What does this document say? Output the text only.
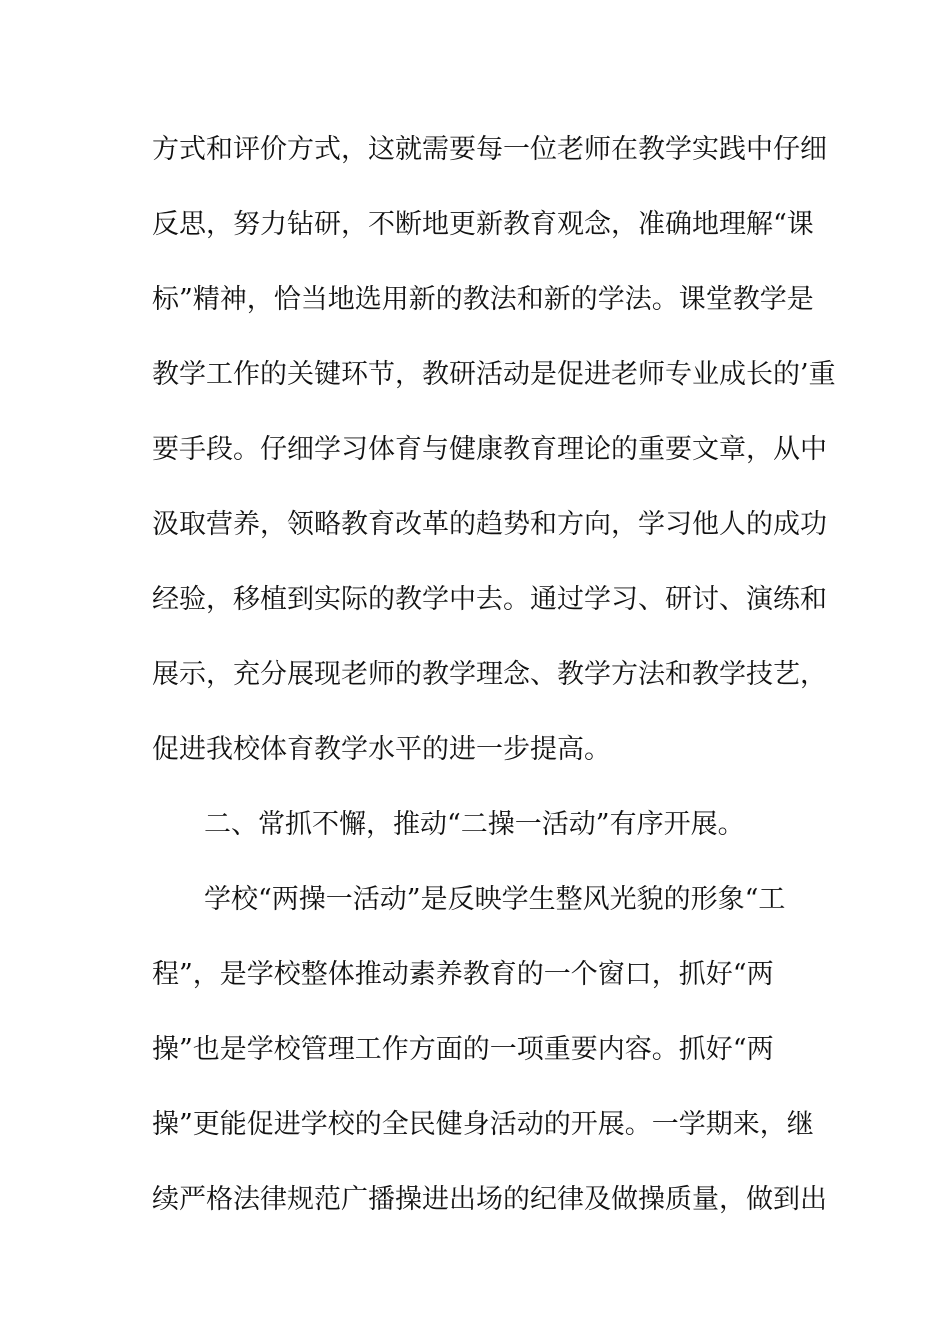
方式和评价方式，这就需要每一位老师在教学实践中仔细
反思，努力钻研，不断地更新教育观念，准确地理解“课
标”精神，恰当地选用新的教法和新的学法。课堂教学是
教学工作的关键环节，教研活动是促进老师专业成长的’重
要手段。仔细学习体育与健康教育理论的重要文章，从中
汲取营养，领略教育改革的趋势和方向，学习他人的成功
经验，移植到实际的教学中去。通过学习、研讨、演练和
展示，充分展现老师的教学理念、教学方法和教学技艺，
促进我校体育教学水平的进一步提高。
二、常抓不懈，推动“二操一活动”有序开展。
学校“两操一活动”是反映学生整风光貌的形象“工
程”，是学校整体推动素养教育的一个窗口，抓好“两
操”也是学校管理工作方面的一项重要内容。抓好“两
操”更能促进学校的全民健身活动的开展。一学期来，继
续严格法律规范广播操进出场的纪律及做操质量，做到出
